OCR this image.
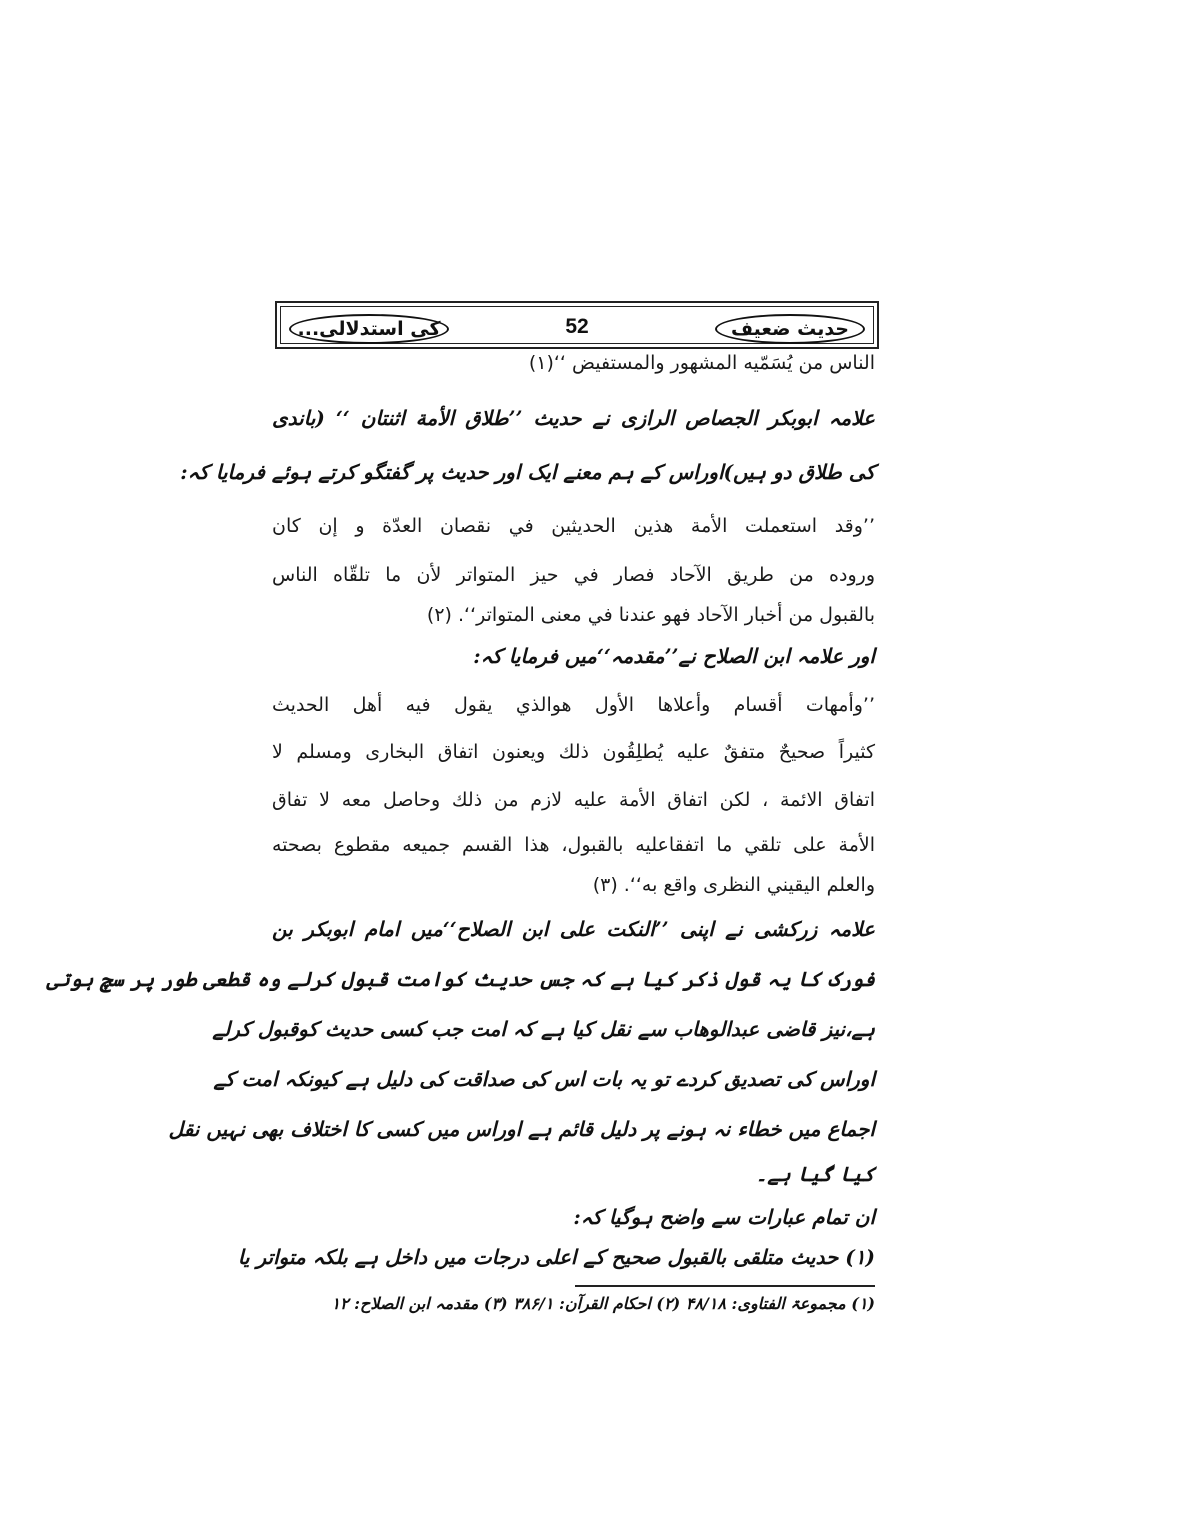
حدیث ضعیف
52
کی استدلالی...
الناس من يُسَمّيه المشهور والمستفيض ‘‘(۱)
علامہ ابوبکر الجصاص الرازی نے حدیث ’’طلاق الأمة اثنتان ‘‘ (باندی
کی طلاق دو ہیں)اوراس کے ہم معنے ایک اور حدیث پر گفتگو کرتے ہوئے فرمایا کہ:
’’وقد استعملت الأمة هذين الحديثين في نقصان العدّة و إن كان
وروده من طريق الآحاد فصار في حيز المتواتر لأن ما تلقّاه الناس
بالقبول من أخبار الآحاد فهو عندنا في معنى المتواتر‘‘. (۲)
اور علامہ ابن الصلاح نے’’مقدمہ‘‘میں فرمایا کہ:
’’وأمهات أقسام وأعلاها الأول هوالذي يقول فيه أهل الحديث
كثيراً صحيحٌ متفقٌ عليه يُطلِقُون ذلك ويعنون اتفاق البخارى ومسلم لا
اتفاق الائمة ، لكن اتفاق الأمة عليه لازم من ذلك وحاصل معه لا تفاق
الأمة على تلقي ما اتفقاعليه بالقبول، هذا القسم جميعه مقطوع بصحته
والعلم اليقيني النظرى واقع به‘‘. (۳)
علامہ زرکشی نے اپنی ’’النكت على ابن الصلاح‘‘میں امام ابوبکر بن
فورک کا یہ قول ذکر کیا ہے کہ جس حدیث کوامت قبول کرلے وہ قطعی طور پر سچ ہوتی
ہے،نیز قاضی عبدالوھاب سے نقل کیا ہے کہ امت جب کسی حدیث کوقبول کرلے
اوراس کی تصدیق کردے تو یہ بات اس کی صداقت کی دلیل ہے کیونکہ امت کے
اجماع میں خطاء نہ ہونے پر دلیل قائم ہے اوراس میں کسی کا اختلاف بھی نہیں نقل
کیا گیا ہے۔
ان تمام عبارات سے واضح ہوگیا کہ:
(۱) حدیث متلقی بالقبول صحیح کے اعلی درجات میں داخل ہے بلکہ متواتر یا
(۱) مجموعۃ الفتاوی: ۴۸/۱۸ (۲) احکام القرآن: ۳۸۶/۱ (۳) مقدمہ ابن الصلاح: ۱۲
